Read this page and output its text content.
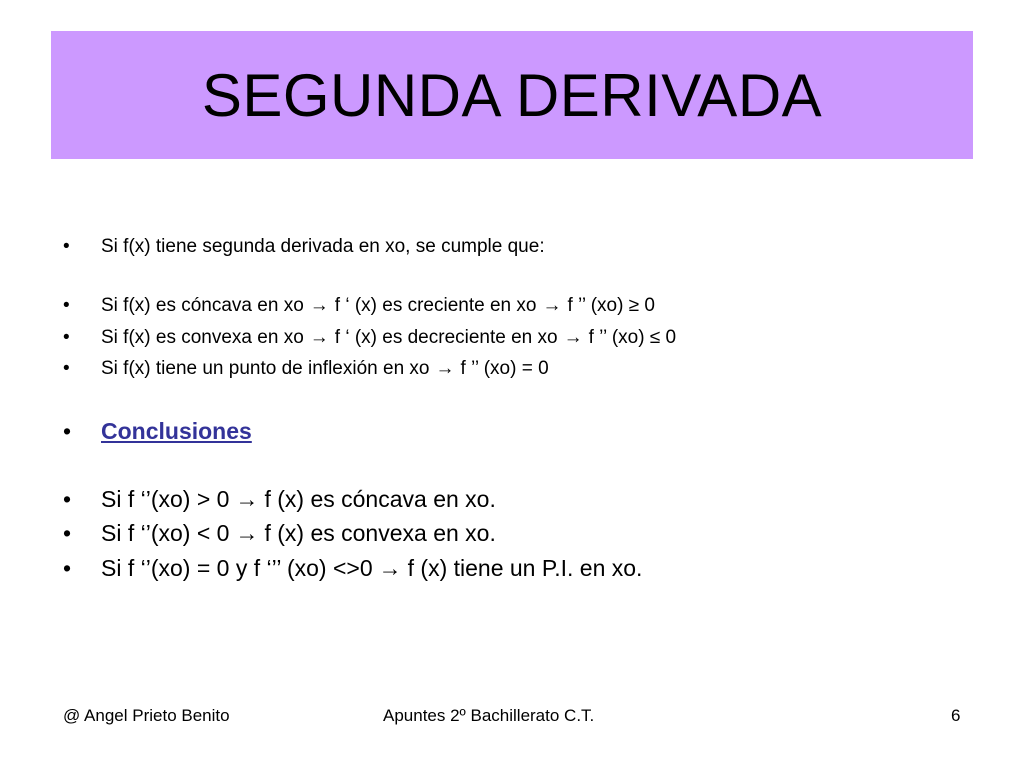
SEGUNDA DERIVADA
•	Si f(x) tiene segunda derivada en xo, se cumple que:
•	Si f(x) es cóncava en xo → f ‘ (x) es creciente en xo → f ’’ (xo) ≥ 0
•	Si f(x) es convexa en xo → f ‘ (x) es decreciente en xo → f ’’ (xo) ≤ 0
•	Si f(x) tiene un punto de inflexión en xo → f ’’ (xo) = 0
•	Conclusiones
•	Si f ‘’(xo) > 0 → f (x) es cóncava en xo.
•	Si f ‘’(xo) < 0 → f (x) es convexa en xo.
•	Si f ‘’(xo) = 0 y f ‘’’ (xo) <>0 → f (x) tiene un P.I. en xo.
@ Angel Prieto Benito	Apuntes 2º Bachillerato C.T.	6
